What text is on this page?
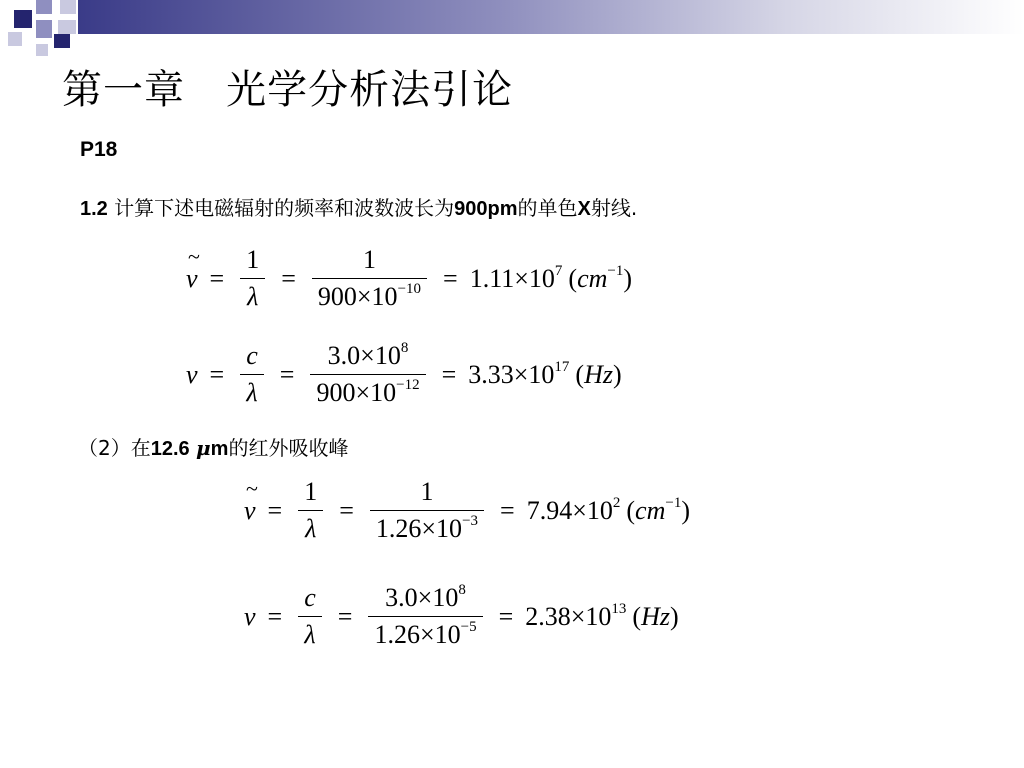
第一章   光学分析法引论
P18
1.2 计算下述电磁辐射的频率和波数波长为900pm的单色X射线.
~ $\nu = \frac{1}{\lambda} = \frac{1}{900\times 10^{-10}} = 1.11\times 10^7$ $(cm^{-1})$
$\nu = \frac{c}{\lambda} = \frac{3.0\times 10^8}{900\times 10^{-12}} = 3.33\times 10^{17}$ (Hz)
（2）在12.6 μm的红外吸收峰
~ $\nu = \frac{1}{\lambda} = \frac{1}{1.26\times 10^{-3}} = 7.94\times 10^2$ $(cm^{-1})$
$\nu = \frac{c}{\lambda} = \frac{3.0\times 10^8}{1.26\times 10^{-5}} = 2.38\times 10^{13}$ (Hz)
